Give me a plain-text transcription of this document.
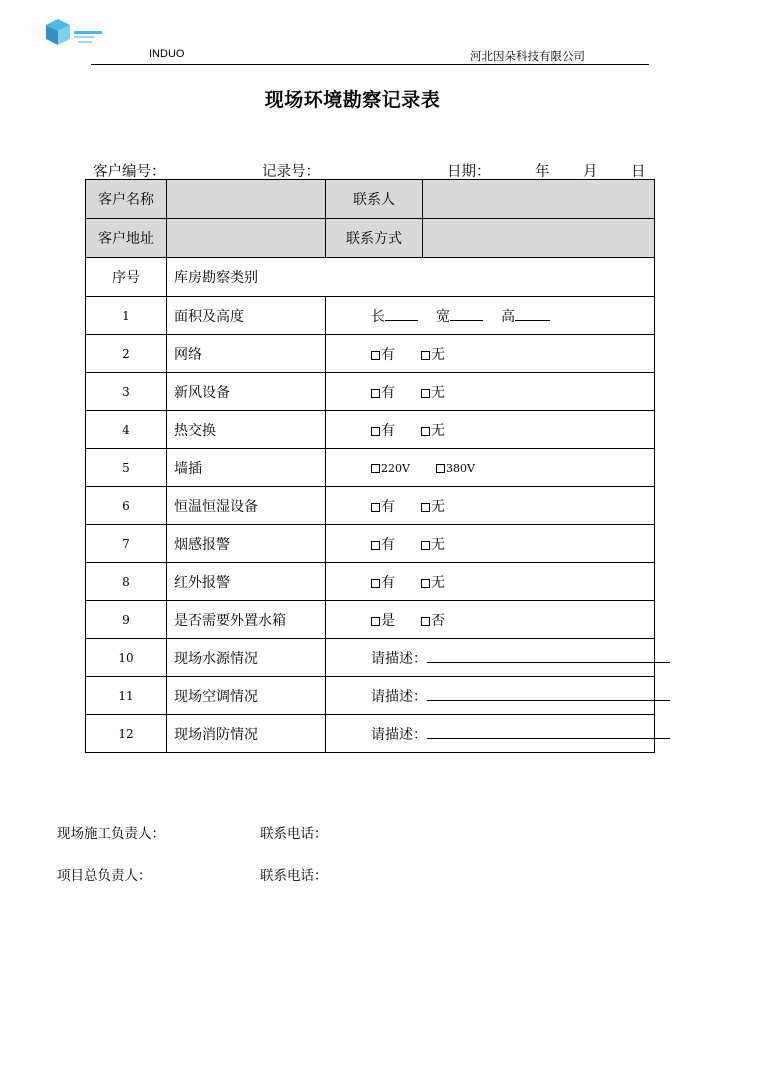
INDUO	河北因朵科技有限公司
现场环境勘察记录表
客户编号：	记录号：	日期：	年 月 日
客户名称		联系人	
客户地址		联系方式	
序号	库房勘察类别		
1	面积及高度	长 宽 高	
2	网络	有 无	
3	新风设备	有 无	
4	热交换	有 无	
5	墙插	220V 380V	
6	恒温恒湿设备	有 无	
7	烟感报警	有 无	
8	红外报警	有 无	
9	是否需要外置水箱	是 否	
10	现场水源情况	请描述：	
11	现场空调情况	请描述：	
12	现场消防情况	请描述：	
现场施工负责人：	联系电话：
项目总负责人：	联系电话：
